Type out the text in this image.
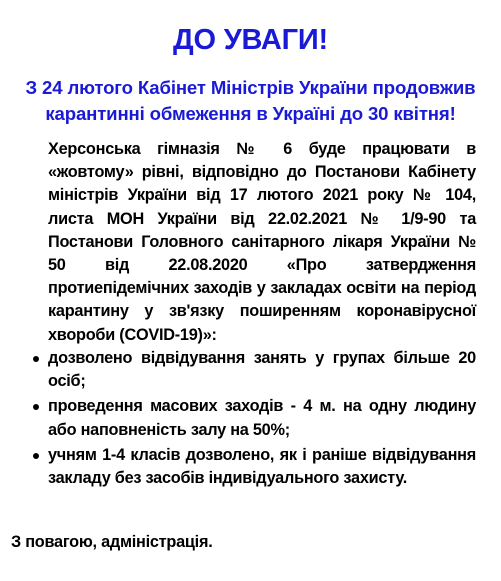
ДО УВАГИ!
З 24 лютого Кабінет Міністрів України продовжив карантинні обмеження в Україні до 30 квітня!
Херсонська гімназія № 6 буде працювати в «жовтому» рівні, відповідно до Постанови Кабінету міністрів України від 17 лютого 2021 року № 104, листа МОН України від 22.02.2021 № 1/9-90 та Постанови Головного санітарного лікаря України № 50 від 22.08.2020 «Про затвердження протиепідемічних заходів у закладах освіти на період карантину у зв'язку поширенням коронавірусної хвороби (COVID-19)»:
дозволено відвідування занять у групах більше 20 осіб;
проведення масових заходів - 4 м. на одну людину або наповненість залу на 50%;
учням 1-4 класів дозволено, як і раніше відвідування закладу без засобів індивідуального захисту.
З повагою, адміністрація.
